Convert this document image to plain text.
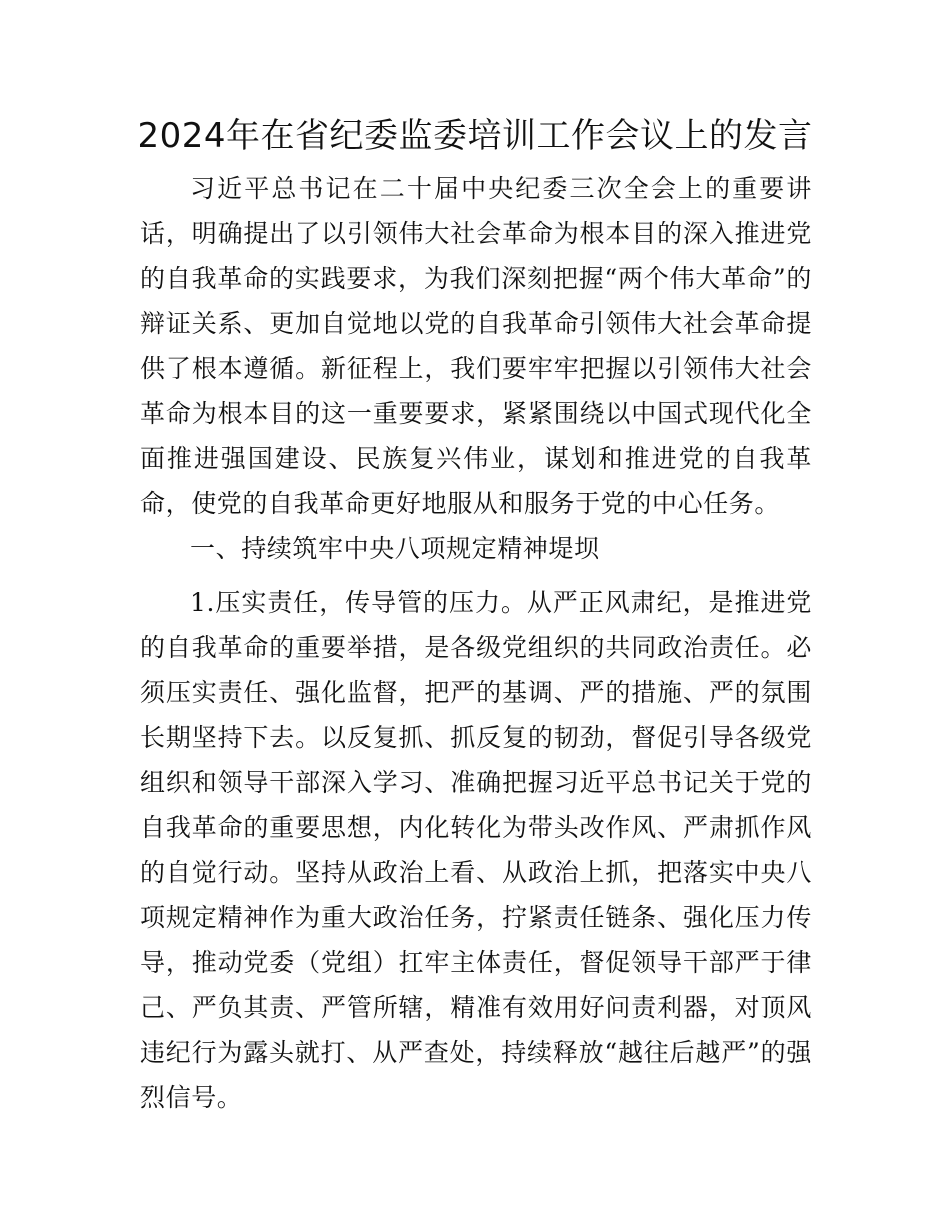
2024年在省纪委监委培训工作会议上的发言

习近平总书记在二十届中央纪委三次全会上的重要讲话，明确提出了以引领伟大社会革命为根本目的深入推进党的自我革命的实践要求，为我们深刻把握“两个伟大革命”的辩证关系、更加自觉地以党的自我革命引领伟大社会革命提供了根本遵循。新征程上，我们要牢牢把握以引领伟大社会革命为根本目的这一重要要求，紧紧围绕以中国式现代化全面推进强国建设、民族复兴伟业，谋划和推进党的自我革命，使党的自我革命更好地服从和服务于党的中心任务。

一、持续筑牢中央八项规定精神堤坝

1.压实责任，传导管的压力。从严正风肃纪，是推进党的自我革命的重要举措，是各级党组织的共同政治责任。必须压实责任、强化监督，把严的基调、严的措施、严的氛围长期坚持下去。以反复抓、抓反复的韧劲，督促引导各级党组织和领导干部深入学习、准确把握习近平总书记关于党的自我革命的重要思想，内化转化为带头改作风、严肃抓作风的自觉行动。坚持从政治上看、从政治上抓，把落实中央八项规定精神作为重大政治任务，拧紧责任链条、强化压力传导，推动党委（党组）扛牢主体责任，督促领导干部严于律己、严负其责、严管所辖，精准有效用好问责利器，对顶风违纪行为露头就打、从严查处，持续释放“越往后越严”的强烈信号。
